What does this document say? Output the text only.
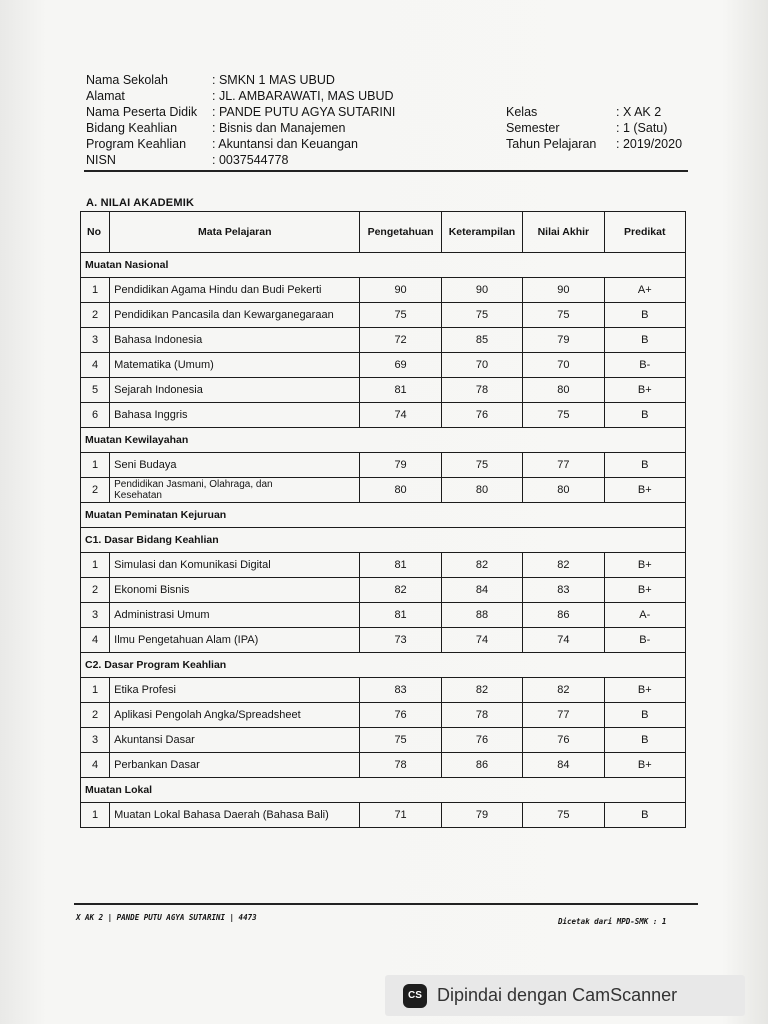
Nama Sekolah	: SMKN 1 MAS UBUD
Alamat	: JL. AMBARAWATI, MAS UBUD
Nama Peserta Didik	: PANDE PUTU AGYA SUTARINI
Bidang Keahlian	: Bisnis dan Manajemen
Program Keahlian	: Akuntansi dan Keuangan
NISN	: 0037544778
Kelas	: X AK 2
Semester	: 1 (Satu)
Tahun Pelajaran	: 2019/2020
A. NILAI AKADEMIK
No	Mata Pelajaran	Pengetahuan	Keterampilan	Nilai Akhir	Predikat
Muatan Nasional					
1	Pendidikan Agama Hindu dan Budi Pekerti	90	90	90	A+
2	Pendidikan Pancasila dan Kewarganegaraan	75	75	75	B
3	Bahasa Indonesia	72	85	79	B
4	Matematika (Umum)	69	70	70	B-
5	Sejarah Indonesia	81	78	80	B+
6	Bahasa Inggris	74	76	75	B
Muatan Kewilayahan					
1	Seni Budaya	79	75	77	B
2	Pendidikan Jasmani, Olahraga, dan
Kesehatan	80	80	80	B+
Muatan Peminatan Kejuruan					
C1. Dasar Bidang Keahlian					
1	Simulasi dan Komunikasi Digital	81	82	82	B+
2	Ekonomi Bisnis	82	84	83	B+
3	Administrasi Umum	81	88	86	A-
4	Ilmu Pengetahuan Alam (IPA)	73	74	74	B-
C2. Dasar Program Keahlian					
1	Etika Profesi	83	82	82	B+
2	Aplikasi Pengolah Angka/Spreadsheet	76	78	77	B
3	Akuntansi Dasar	75	76	76	B
4	Perbankan Dasar	78	86	84	B+
Muatan Lokal					
1	Muatan Lokal Bahasa Daerah (Bahasa Bali)	71	79	75	B
X AK 2 | PANDE PUTU AGYA SUTARINI | 4473	Dicetak dari MPD-SMK : 1
CS Dipindai dengan CamScanner
